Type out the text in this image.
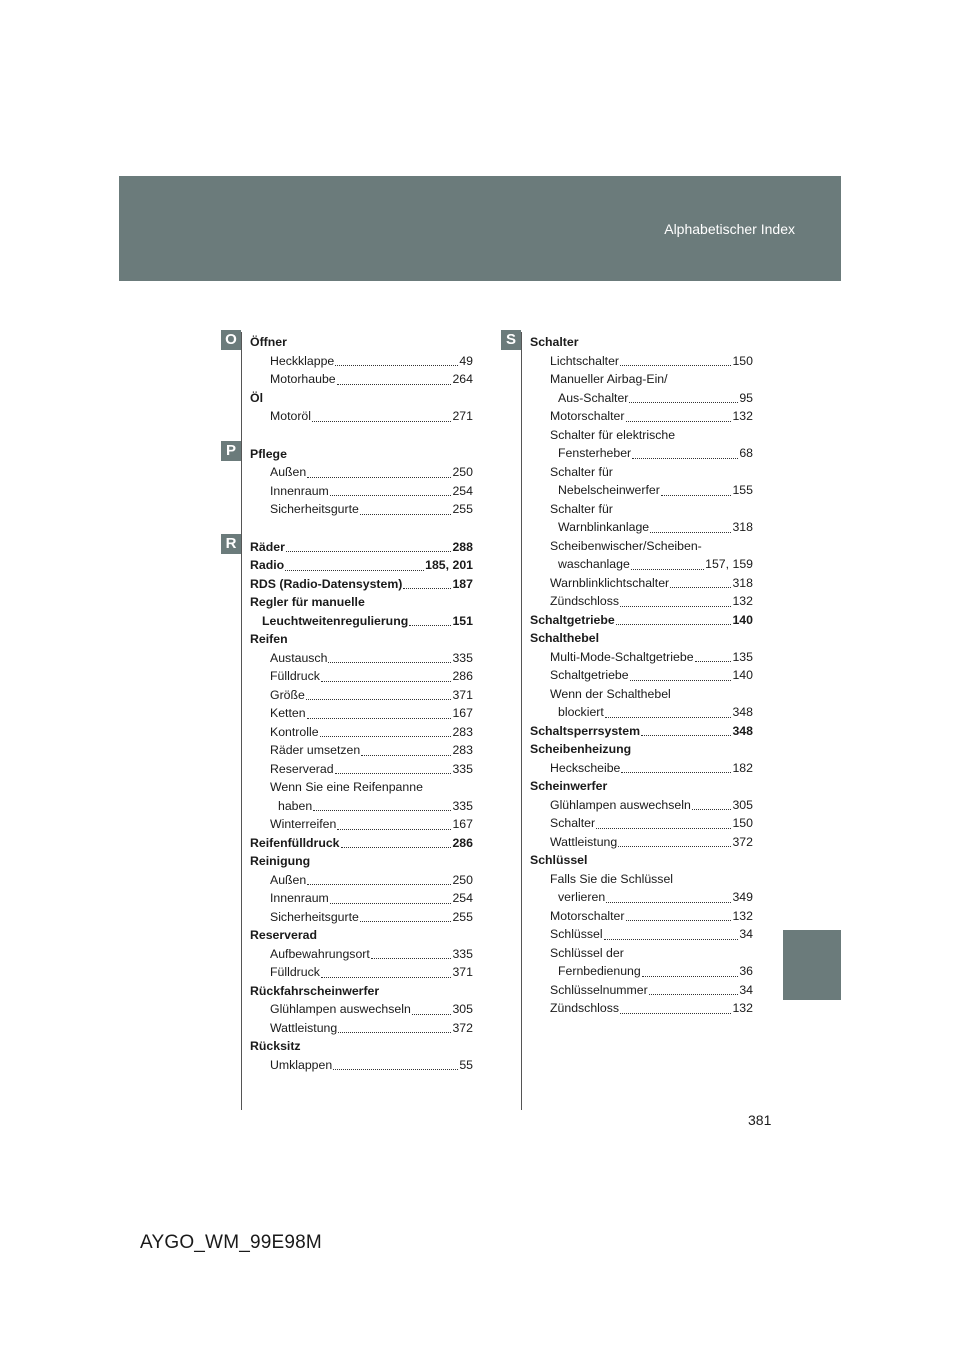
Alphabetischer Index
O
P
R
S
Öffner
Heckklappe	49
Motorhaube	264
Öl
Motoröl	271
Pflege
Außen	250
Innenraum	254
Sicherheitsgurte	255
Räder	288
Radio	185, 201
RDS (Radio-Datensystem)	187
Regler für manuelle
Leuchtweitenregulierung	151
Reifen
Austausch	335
Fülldruck	286
Größe	371
Ketten	167
Kontrolle	283
Räder umsetzen	283
Reserverad	335
Wenn Sie eine Reifenpanne
haben	335
Winterreifen	167
Reifenfülldruck	286
Reinigung
Außen	250
Innenraum	254
Sicherheitsgurte	255
Reserverad
Aufbewahrungsort	335
Fülldruck	371
Rückfahrscheinwerfer
Glühlampen auswechseln	305
Wattleistung	372
Rücksitz
Umklappen	55
Schalter
Lichtschalter	150
Manueller Airbag-Ein/
Aus-Schalter	95
Motorschalter	132
Schalter für elektrische
Fensterheber	68
Schalter für
Nebelscheinwerfer	155
Schalter für
Warnblinkanlage	318
Scheibenwischer/Scheiben-
waschanlage	157, 159
Warnblinklichtschalter	318
Zündschloss	132
Schaltgetriebe	140
Schalthebel
Multi-Mode-Schaltgetriebe	135
Schaltgetriebe	140
Wenn der Schalthebel
blockiert	348
Schaltsperrsystem	348
Scheibenheizung
Heckscheibe	182
Scheinwerfer
Glühlampen auswechseln	305
Schalter	150
Wattleistung	372
Schlüssel
Falls Sie die Schlüssel
verlieren	349
Motorschalter	132
Schlüssel	34
Schlüssel der
Fernbedienung	36
Schlüsselnummer	34
Zündschloss	132
381
AYGO_WM_99E98M
